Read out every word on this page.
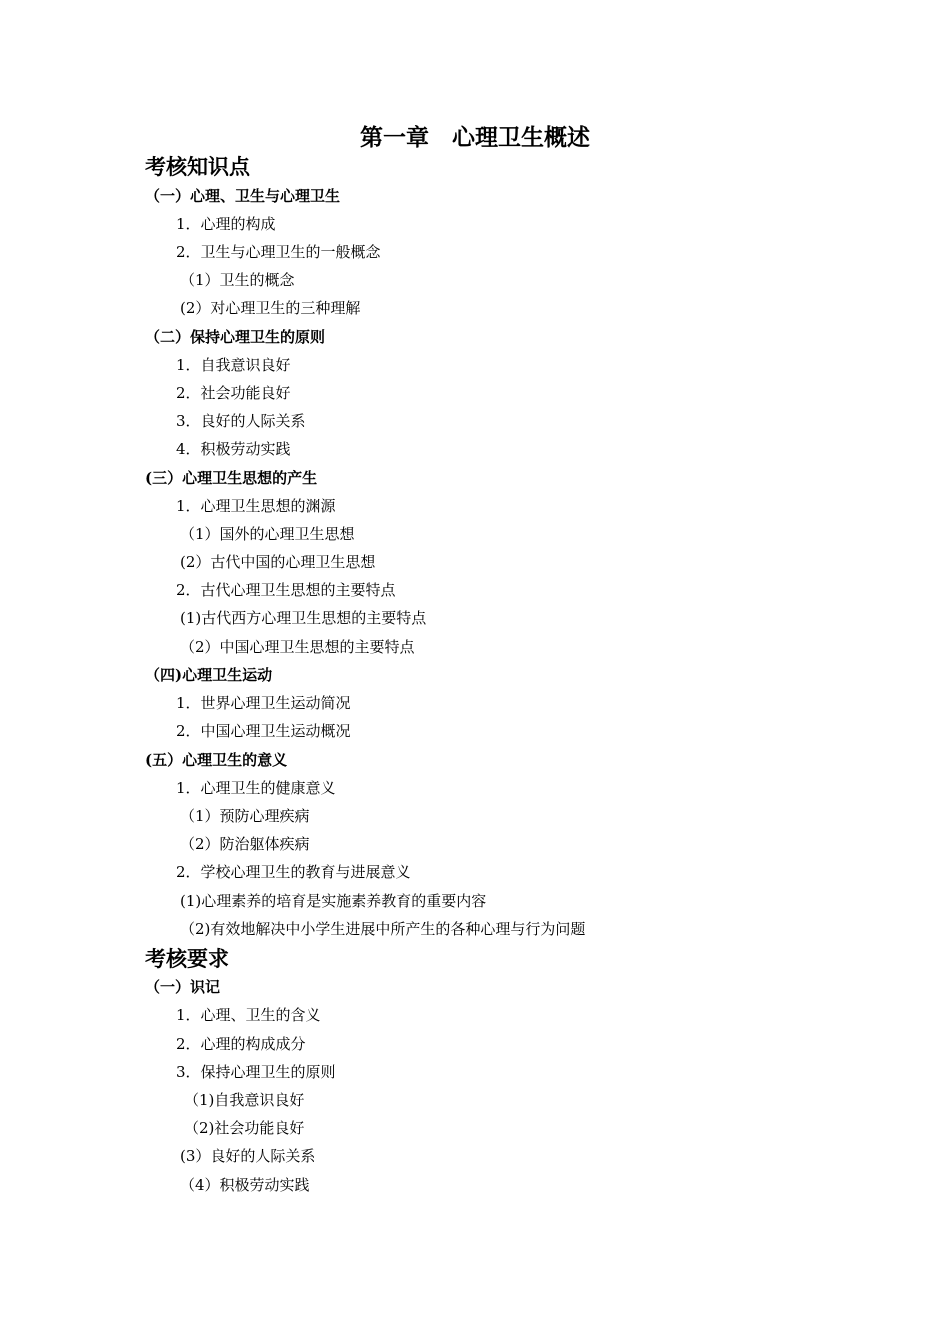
第一章　心理卫生概述
考核知识点
（一）心理、卫生与心理卫生
1．心理的构成
2．卫生与心理卫生的一般概念
（1）卫生的概念
(2）对心理卫生的三种理解
（二）保持心理卫生的原则
1．自我意识良好
2．社会功能良好
3．良好的人际关系
4．积极劳动实践
(三）心理卫生思想的产生
1．心理卫生思想的渊源
（1）国外的心理卫生思想
(2）古代中国的心理卫生思想
2．古代心理卫生思想的主要特点
(1)古代西方心理卫生思想的主要特点
（2）中国心理卫生思想的主要特点
（四)心理卫生运动
1．世界心理卫生运动简况
2．中国心理卫生运动概况
(五）心理卫生的意义
1．心理卫生的健康意义
（1）预防心理疾病
（2）防治躯体疾病
2．学校心理卫生的教育与进展意义
(1)心理素养的培育是实施素养教育的重要内容
（2)有效地解决中小学生进展中所产生的各种心理与行为问题
考核要求
（一）识记
1．心理、卫生的含义
2．心理的构成成分
3．保持心理卫生的原则
（1)自我意识良好
（2)社会功能良好
(3）良好的人际关系
（4）积极劳动实践
